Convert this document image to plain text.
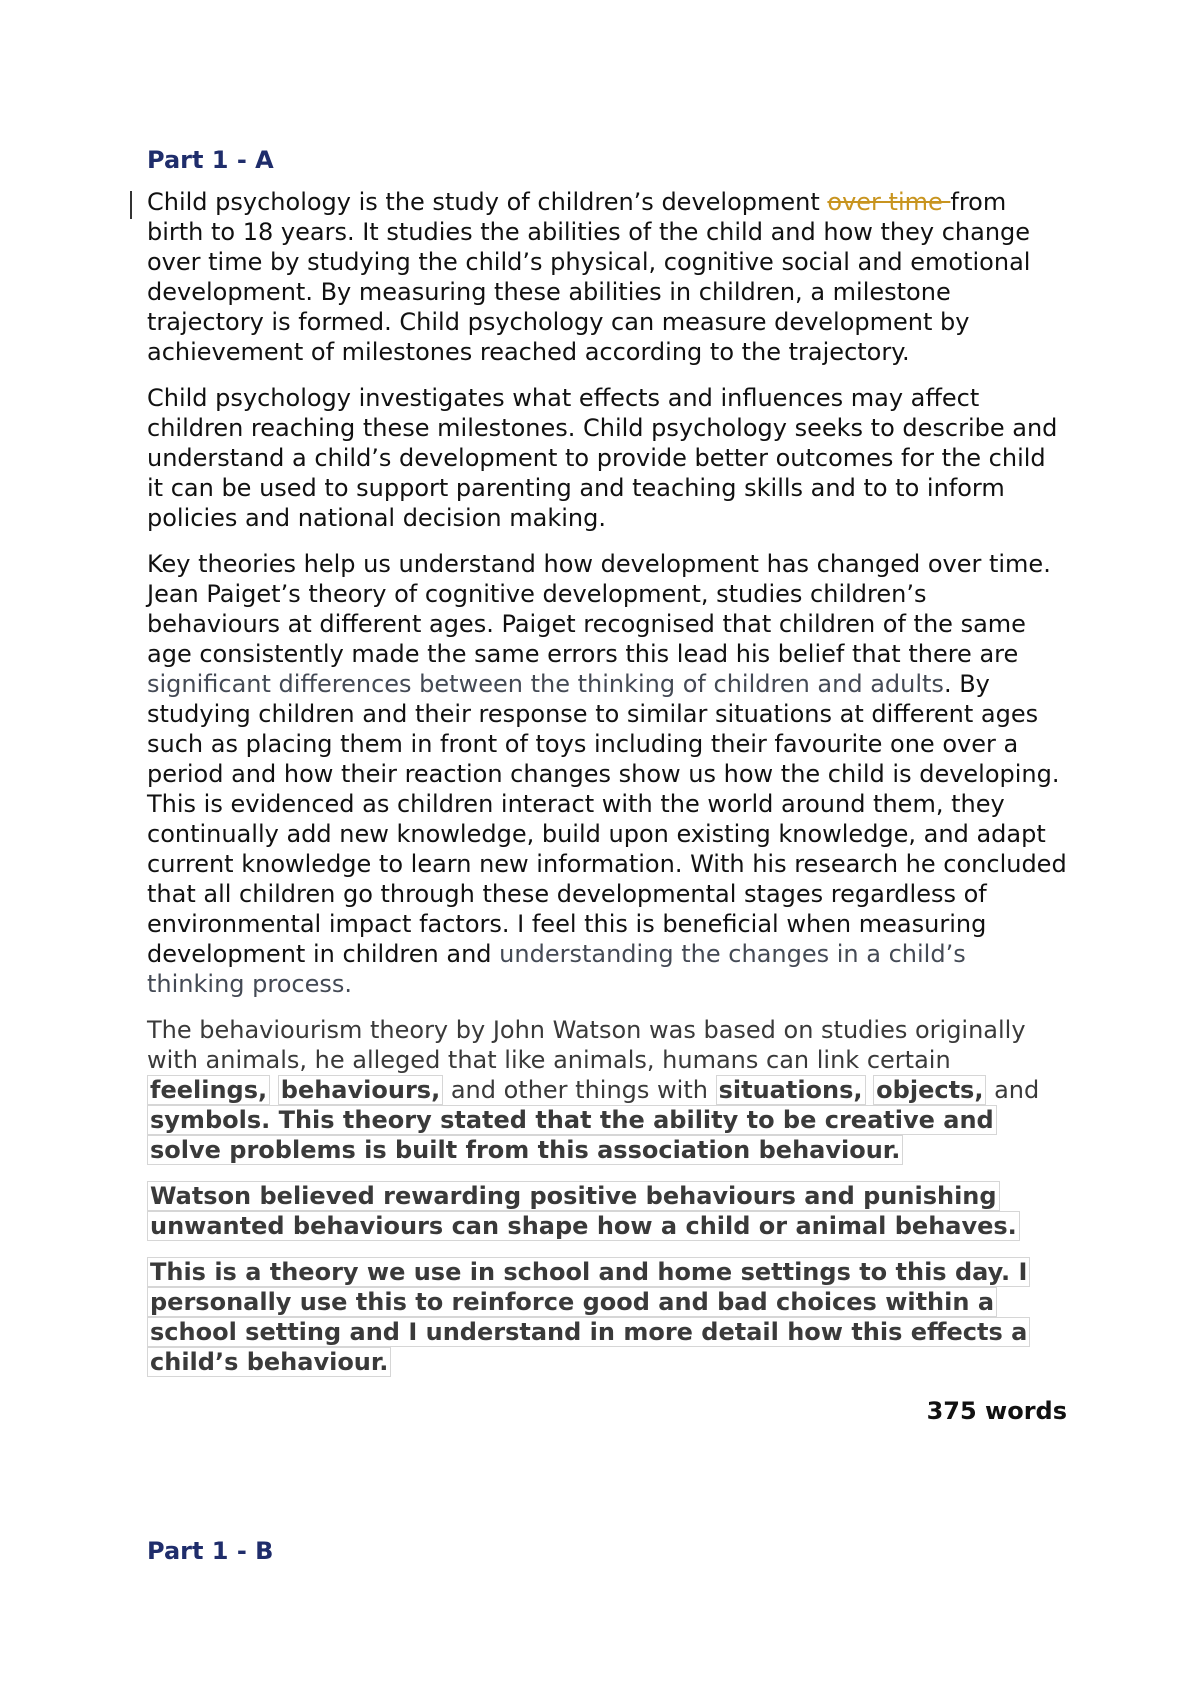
Part 1 - A

Child psychology is the study of children’s development over time from birth to 18 years. It studies the abilities of the child and how they change over time by studying the child’s physical, cognitive social and emotional development. By measuring these abilities in children, a milestone trajectory is formed. Child psychology can measure development by achievement of milestones reached according to the trajectory.

Child psychology investigates what effects and influences may affect children reaching these milestones. Child psychology seeks to describe and understand a child’s development to provide better outcomes for the child it can be used to support parenting and teaching skills and to to inform policies and national decision making.

Key theories help us understand how development has changed over time. Jean Paiget’s theory of cognitive development, studies children’s behaviours at different ages. Paiget recognised that children of the same age consistently made the same errors this lead his belief that there are significant differences between the thinking of children and adults. By studying children and their response to similar situations at different ages such as placing them in front of toys including their favourite one over a period and how their reaction changes show us how the child is developing. This is evidenced as children interact with the world around them, they continually add new knowledge, build upon existing knowledge, and adapt current knowledge to learn new information. With his research he concluded that all children go through these developmental stages regardless of environmental impact factors. I feel this is beneficial when measuring development in children and understanding the changes in a child’s thinking process.

The behaviourism theory by John Watson was based on studies originally with animals, he alleged that like animals, humans can link certain feelings, behaviours, and other things with situations, objects, and symbols. This theory stated that the ability to be creative and solve problems is built from this association behaviour.

Watson believed rewarding positive behaviours and punishing unwanted behaviours can shape how a child or animal behaves.

This is a theory we use in school and home settings to this day. I personally use this to reinforce good and bad choices within a school setting and I understand in more detail how this effects a child’s behaviour.

375 words
Part 1 - B
